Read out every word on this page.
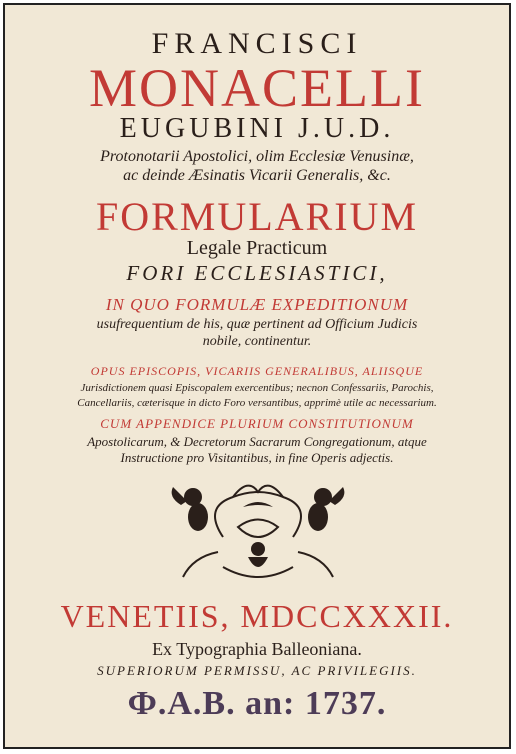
FRANCISCI
MONACELLI
EUGUBINI J.U.D.
Protonotarii Apostolici, olim Ecclesiæ Venusinæ,
ac deinde Æsinatis Vicarii Generalis, &c.
FORMULARIUM
Legale Practicum
FORI ECCLESIASTICI,
IN QUO FORMULÆ EXPEDITIONUM
usufrequentium de his, quæ pertinent ad Officium Judicis
nobile, continentur.
OPUS EPISCOPIS, VICARIIS GENERALIBUS, ALIISQUE
Jurisdictionem quasi Episcopalem exercentibus; necnon Confessariis, Parochis,
Cancellariis, cæterisque in dicto Foro versantibus, apprimè utile ac necessarium.
CUM APPENDICE PLURIUM CONSTITUTIONUM
Apostolicarum, & Decretorum Sacrarum Congregationum, atque
Instructione pro Visitantibus, in fine Operis adjectis.
VENETIIS, MDCCXXXII.
Ex Typographia Balleoniana.
SUPERIORUM PERMISSU, AC PRIVILEGIIS.
Ф.А.В. an: 1737.
